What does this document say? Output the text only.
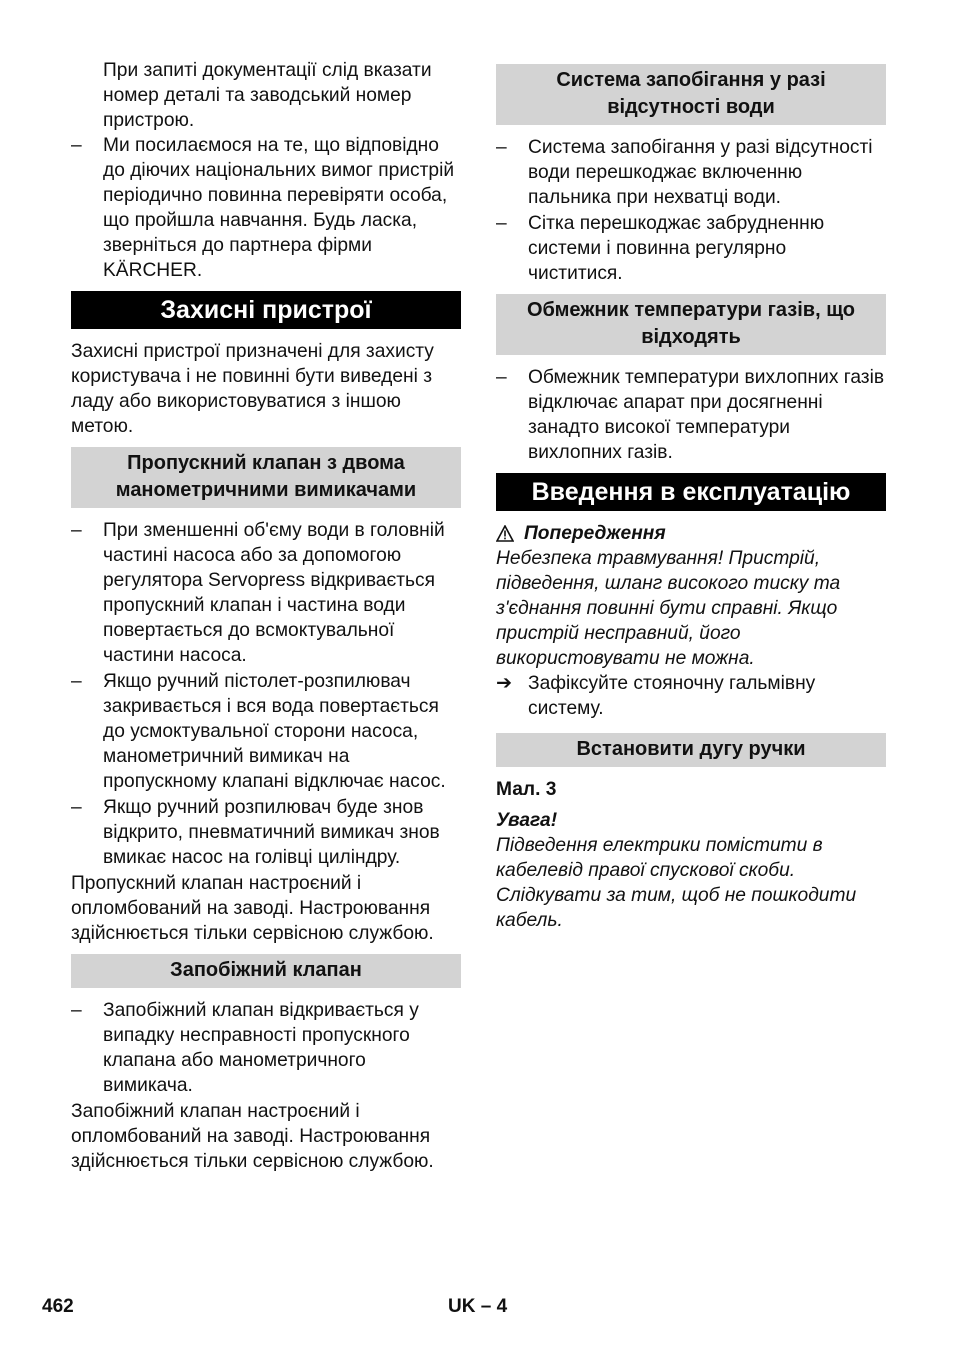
При запиті документації слід вказати номер деталі та заводський номер пристрою.
–	Ми посилаємося на те, що відповідно до діючих національних вимог пристрій періодично повинна перевіряти особа, що пройшла навчання. Будь ласка, зверніться до партнера фірми KÄRCHER.
Захисні пристрої

Захисні пристрої призначені для захисту користувача і не повинні бути виведені з ладу або використовуватися з іншою метою.

Пропускний клапан з двома манометричними вимикачами
–	При зменшенні об'єму води в головній частині насоса або за допомогою регулятора Servopress відкривається пропускний клапан і частина води повертається до всмоктувальної частини насоса.
–	Якщо ручний пістолет-розпилювач закривається і вся вода повертається до усмоктувальної сторони насоса, манометричний вимикач на пропускному клапані відключає насос.
–	Якщо ручний розпилювач буде знов відкрито, пневматичний вимикач знов вмикає насос на голівці циліндру.

Пропускний клапан настроєний і опломбований на заводі. Настроювання здійснюється тільки сервісною службою.

Запобіжний клапан
–	Запобіжний клапан відкривається у випадку несправності пропускного клапана або манометричного вимикача.

Запобіжний клапан настроєний і опломбований на заводі. Настроювання здійснюється тільки сервісною службою.

Система запобігання у разі відсутності води
–	Система запобігання у разі відсутності води перешкоджає включенню пальника при нехватці води.
–	Сітка перешкоджає забрудненню системи і повинна регулярно чиститися.
Обмежник температури газів, що відходять
–	Обмежник температури вихлопних газів відключає апарат при досягненні занадто високої температури вихлопних газів.
Введення в експлуатацію
Попередження

Небезпека травмування! Пристрій, підведення, шланг високого тиску та з'єднання повинні бути справні. Якщо пристрій несправний, його використовувати не можна.

➔ Зафіксуйте стояночну гальмівну систему.
Встановити дугу ручки
Мал. 3
Увага!

Підведення електрики помістити в кабелевід правої спускової скоби. Слідкувати за тим, щоб не пошкодити кабель.

462	UK – 4
